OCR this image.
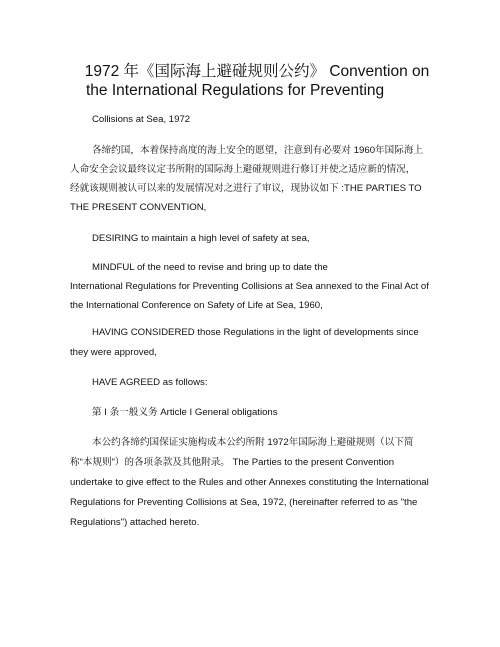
1972 年《国际海上避碰规则公约》 Convention on
the International Regulations for Preventing
Collisions at Sea, 1972
各缔约国，本着保持高度的海上安全的愿望，注意到有必要对 1960年国际海上
人命安全会议最终议定书所附的国际海上避碰规则进行修订并使之适应新的情况，
经就该规则被认可以来的发展情况对之进行了审议，现协议如下 :THE PARTIES TO
THE PRESENT CONVENTION,
DESIRING to maintain a high level of safety at sea,
MINDFUL of the need to revise and bring up to date the
International Regulations for Preventing Collisions at Sea annexed to the Final Act of
the International Conference on Safety of Life at Sea, 1960,
HAVING CONSIDERED those Regulations in the light of developments since
they were approved,
HAVE AGREED as follows:
第 I 条一般义务 Article I General obligations
本公约各缔约国保证实施构成本公约所附 1972年国际海上避碰规则（以下简
称“本规则”）的各项条款及其他附录。 The Parties to the present Convention
undertake to give effect to the Rules and other Annexes constituting the International
Regulations for Preventing Collisions at Sea, 1972, (hereinafter referred to as "the
Regulations") attached hereto.
